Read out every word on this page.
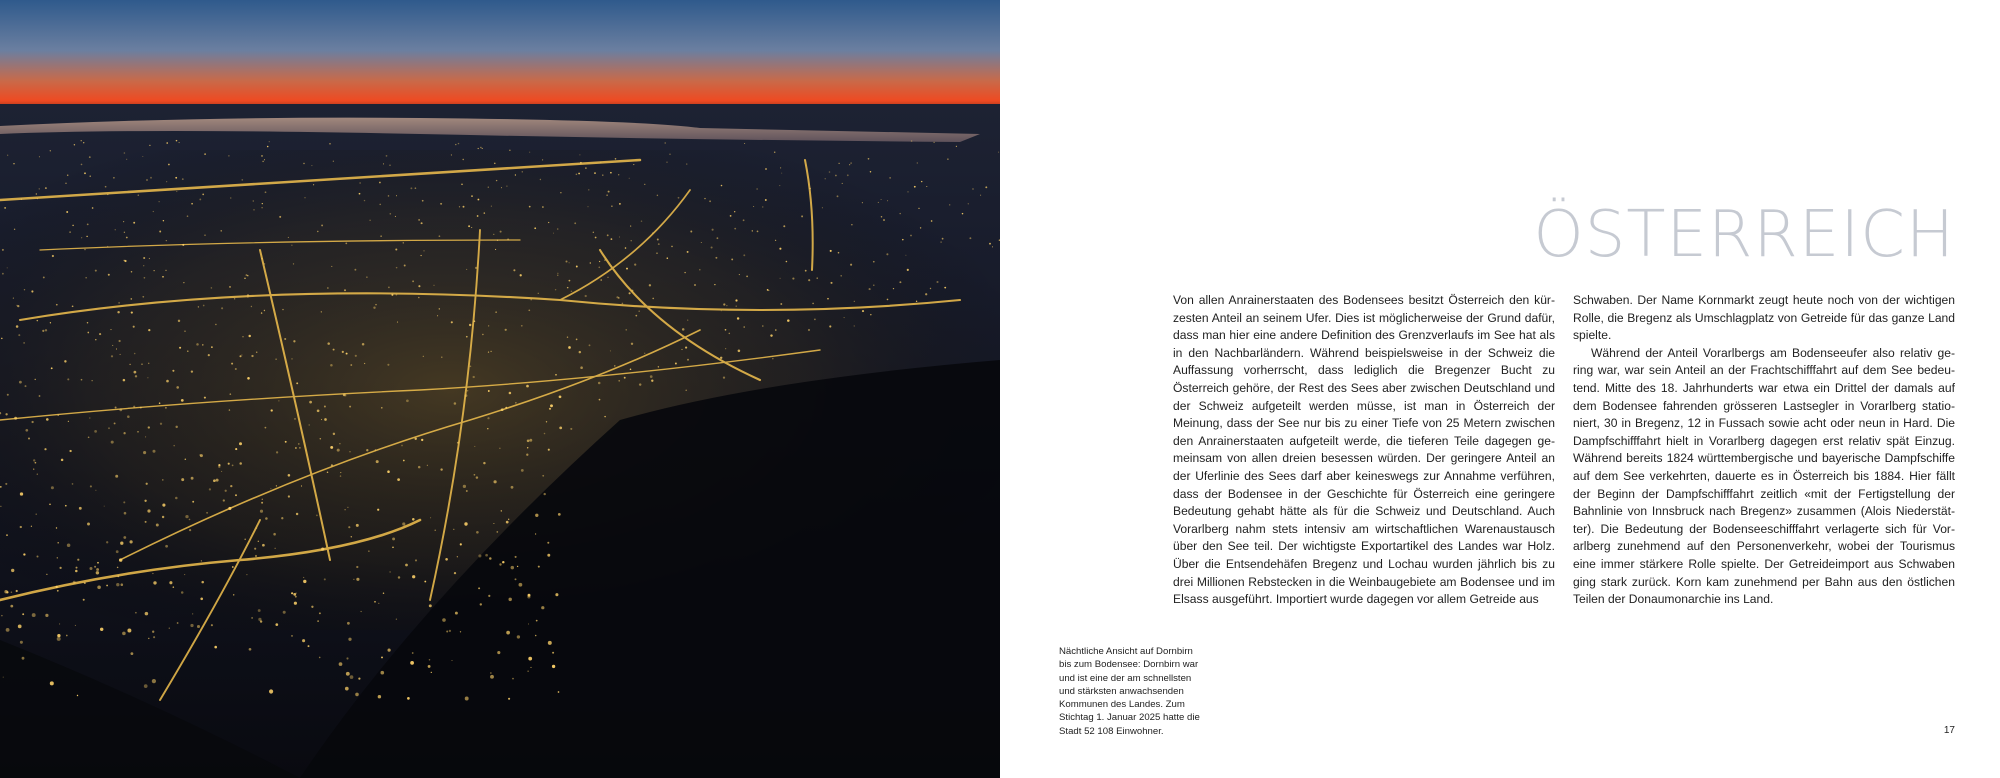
ÖSTERREICH

Von allen Anrainerstaaten des Bodensees besitzt Österreich den kürzesten Anteil an seinem Ufer. Dies ist möglicherweise der Grund dafür, dass man hier eine andere Definition des Grenzverlaufs im See hat als in den Nachbarländern. Während beispielsweise in der Schweiz die Auffassung vorherrscht, dass lediglich die Bregenzer Bucht zu Österreich gehöre, der Rest des Sees aber zwischen Deutschland und der Schweiz aufgeteilt werden müsse, ist man in Österreich der Meinung, dass der See nur bis zu einer Tiefe von 25 Metern zwischen den Anrainerstaaten aufgeteilt werde, die tieferen Teile dagegen gemeinsam von allen dreien besessen würden. Der geringere Anteil an der Uferlinie des Sees darf aber keineswegs zur Annahme verführen, dass der Bodensee in der Geschichte für Österreich eine geringere Bedeutung gehabt hätte als für die Schweiz und Deutschland. Auch Vorarlberg nahm stets intensiv am wirtschaftlichen Warenaustausch über den See teil. Der wichtigste Exportartikel des Landes war Holz. Über die Entsendehäfen Bregenz und Lochau wurden jährlich bis zu drei Millionen Rebstecken in die Weinbaugebiete am Bodensee und im Elsass ausgeführt. Importiert wurde dagegen vor allem Getreide aus

Schwaben. Der Name Kornmarkt zeugt heute noch von der wichtigen Rolle, die Bregenz als Umschlagplatz von Getreide für das ganze Land spielte.

Während der Anteil Vorarlbergs am Bodenseeufer also relativ gering war, war sein Anteil an der Frachtschifffahrt auf dem See bedeutend. Mitte des 18. Jahrhunderts war etwa ein Drittel der damals auf dem Bodensee fahrenden grösseren Lastsegler in Vorarlberg stationiert, 30 in Bregenz, 12 in Fussach sowie acht oder neun in Hard. Die Dampfschifffahrt hielt in Vorarlberg dagegen erst relativ spät Einzug. Während bereits 1824 württembergische und bayerische Dampfschiffe auf dem See verkehrten, dauerte es in Österreich bis 1884. Hier fällt der Beginn der Dampfschifffahrt zeitlich «mit der Fertigstellung der Bahnlinie von Innsbruck nach Bregenz» zusammen (Alois Niederstätter). Die Bedeutung der Bodenseeschifffahrt verlagerte sich für Vorarlberg zunehmend auf den Personenverkehr, wobei der Tourismus eine immer stärkere Rolle spielte. Der Getreideimport aus Schwaben ging stark zurück. Korn kam zunehmend per Bahn aus den östlichen Teilen der Donaumonarchie ins Land.

Nächtliche Ansicht auf Dornbirn bis zum Bodensee: Dornbirn war und ist eine der am schnellsten und stärksten anwachsenden Kommunen des Landes. Zum Stichtag 1. Januar 2025 hatte die Stadt 52 108 Einwohner.	17
